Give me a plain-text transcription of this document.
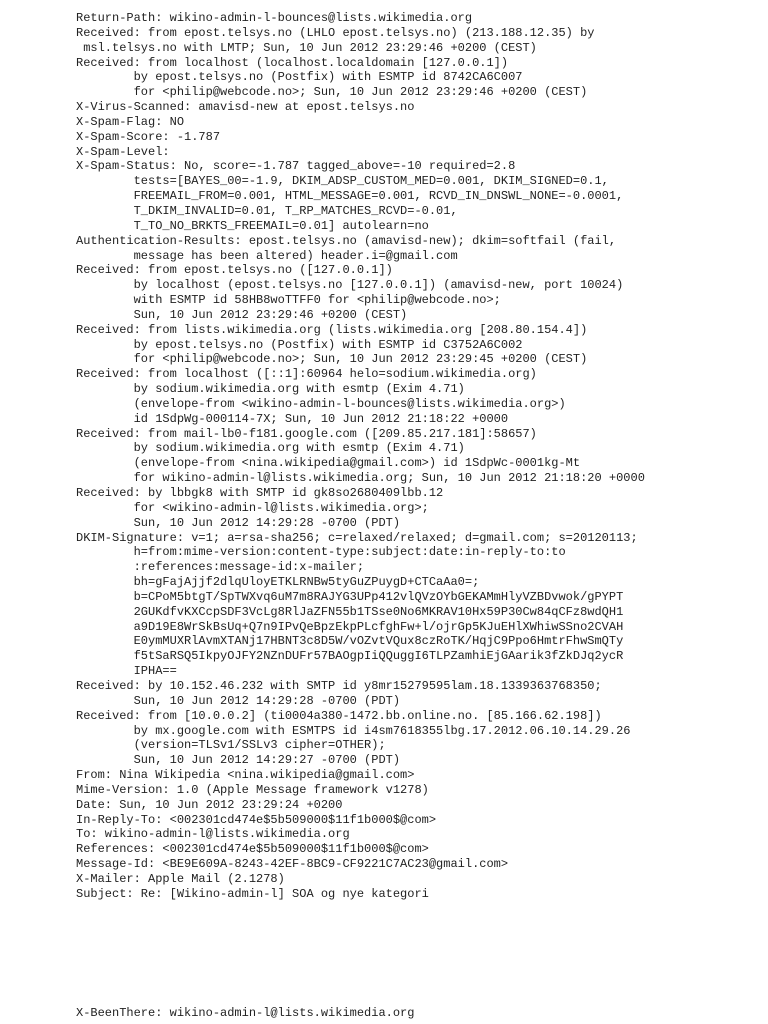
Return-Path: wikino-admin-l-bounces@lists.wikimedia.org
Received: from epost.telsys.no (LHLO epost.telsys.no) (213.188.12.35) by
msl.telsys.no with LMTP; Sun, 10 Jun 2012 23:29:46 +0200 (CEST)
Received: from localhost (localhost.localdomain [127.0.0.1])
by epost.telsys.no (Postfix) with ESMTP id 8742CA6C007
for <philip@webcode.no>; Sun, 10 Jun 2012 23:29:46 +0200 (CEST)
X-Virus-Scanned: amavisd-new at epost.telsys.no
X-Spam-Flag: NO
X-Spam-Score: -1.787
X-Spam-Level:
X-Spam-Status: No, score=-1.787 tagged_above=-10 required=2.8
tests=[BAYES_00=-1.9, DKIM_ADSP_CUSTOM_MED=0.001, DKIM_SIGNED=0.1,
FREEMAIL_FROM=0.001, HTML_MESSAGE=0.001, RCVD_IN_DNSWL_NONE=-0.0001,
T_DKIM_INVALID=0.01, T_RP_MATCHES_RCVD=-0.01,
T_TO_NO_BRKTS_FREEMAIL=0.01] autolearn=no
Authentication-Results: epost.telsys.no (amavisd-new); dkim=softfail (fail,
message has been altered) header.i=@gmail.com
Received: from epost.telsys.no ([127.0.0.1])
by localhost (epost.telsys.no [127.0.0.1]) (amavisd-new, port 10024)
with ESMTP id 58HB8woTTFF0 for <philip@webcode.no>;
Sun, 10 Jun 2012 23:29:46 +0200 (CEST)
Received: from lists.wikimedia.org (lists.wikimedia.org [208.80.154.4])
by epost.telsys.no (Postfix) with ESMTP id C3752A6C002
for <philip@webcode.no>; Sun, 10 Jun 2012 23:29:45 +0200 (CEST)
Received: from localhost ([::1]:60964 helo=sodium.wikimedia.org)
by sodium.wikimedia.org with esmtp (Exim 4.71)
(envelope-from <wikino-admin-l-bounces@lists.wikimedia.org>)
id 1SdpWg-000114-7X; Sun, 10 Jun 2012 21:18:22 +0000
Received: from mail-lb0-f181.google.com ([209.85.217.181]:58657)
by sodium.wikimedia.org with esmtp (Exim 4.71)
(envelope-from <nina.wikipedia@gmail.com>) id 1SdpWc-0001kg-Mt
for wikino-admin-l@lists.wikimedia.org; Sun, 10 Jun 2012 21:18:20 +0000
Received: by lbbgk8 with SMTP id gk8so2680409lbb.12
for <wikino-admin-l@lists.wikimedia.org>;
Sun, 10 Jun 2012 14:29:28 -0700 (PDT)
DKIM-Signature: v=1; a=rsa-sha256; c=relaxed/relaxed; d=gmail.com; s=20120113;
h=from:mime-version:content-type:subject:date:in-reply-to:to
:references:message-id:x-mailer;
bh=gFajAjjf2dlqUloyETKLRNBw5tyGuZPuygD+CTCaAa0=;
b=CPoM5btgT/SpTWXvq6uM7m8RAJYG3UPp412vlQVzOYbGEKAMmHlyVZBDvwok/gPYPT
2GUKdfvKXCcpSDF3VcLg8RlJaZFN55b1TSse0No6MKRAV10Hx59P30Cw84qCFz8wdQH1
a9D19E8WrSkBsUq+Q7n9IPvQeBpzEkpPLcfghFw+l/ojrGp5KJuEHlXWhiwSSno2CVAH
E0ymMUXRlAvmXTANj17HBNT3c8D5W/vOZvtVQux8czRoTK/HqjC9Ppo6HmtrFhwSmQTy
f5tSaRSQ5IkpyOJFY2NZnDUFr57BAOgpIiQQuggI6TLPZamhiEjGAarik3fZkDJq2ycR
IPHA==
Received: by 10.152.46.232 with SMTP id y8mr15279595lam.18.1339363768350;
Sun, 10 Jun 2012 14:29:28 -0700 (PDT)
Received: from [10.0.0.2] (ti0004a380-1472.bb.online.no. [85.166.62.198])
by mx.google.com with ESMTPS id i4sm7618355lbg.17.2012.06.10.14.29.26
(version=TLSv1/SSLv3 cipher=OTHER);
Sun, 10 Jun 2012 14:29:27 -0700 (PDT)
From: Nina Wikipedia <nina.wikipedia@gmail.com>
Mime-Version: 1.0 (Apple Message framework v1278)
Date: Sun, 10 Jun 2012 23:29:24 +0200
In-Reply-To: <002301cd474e$5b509000$11f1b000$@com>
To: wikino-admin-l@lists.wikimedia.org
References: <002301cd474e$5b509000$11f1b000$@com>
Message-Id: <BE9E609A-8243-42EF-8BC9-CF9221C7AC23@gmail.com>
X-Mailer: Apple Mail (2.1278)
Subject: Re: [Wikino-admin-l] SOA og nye kategori
X-BeenThere: wikino-admin-l@lists.wikimedia.org
